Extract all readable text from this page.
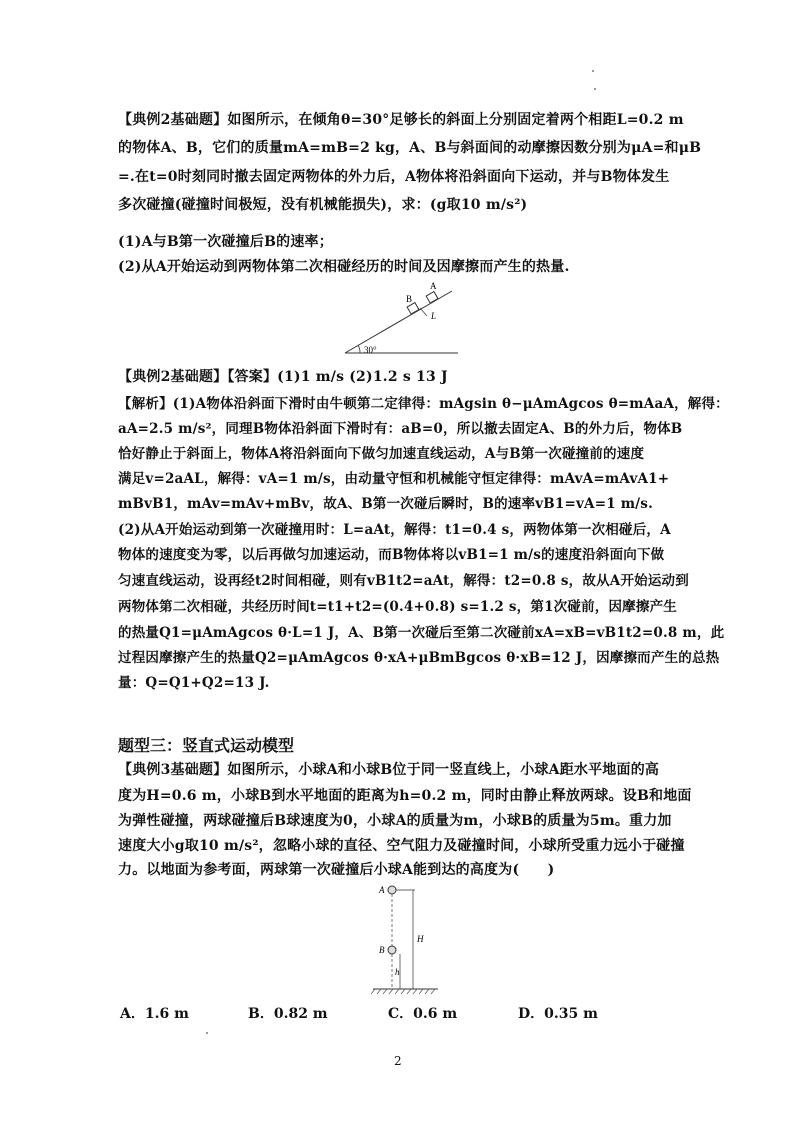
【典例2基础题】如图所示，在倾角θ=30°足够长的斜面上分别固定着两个相距L=0.2 m
的物体A、B，它们的质量mA=mB=2 kg，A、B与斜面间的动摩擦因数分别为μA=和μB
=.在t=0时刻同时撤去固定两物体的外力后，A物体将沿斜面向下运动，并与B物体发生
多次碰撞(碰撞时间极短，没有机械能损失)，求：(g取10 m/s²)
(1)A与B第一次碰撞后B的速率；
(2)从A开始运动到两物体第二次相碰经历的时间及因摩擦而产生的热量.
30°
B
A
L
【典例2基础题】【答案】(1)1 m/s (2)1.2 s 13 J
【解析】(1)A物体沿斜面下滑时由牛顿第二定律得：mAgsin θ−μAmAgcos θ=mAaA，解得：
aA=2.5 m/s²，同理B物体沿斜面下滑时有：aB=0，所以撤去固定A、B的外力后，物体B
恰好静止于斜面上，物体A将沿斜面向下做匀加速直线运动，A与B第一次碰撞前的速度
满足v=2aAL，解得：vA=1 m/s，由动量守恒和机械能守恒定律得：mAvA=mAvA1+
mBvB1，mAv=mAv+mBv，故A、B第一次碰后瞬时，B的速率vB1=vA=1 m/s.
(2)从A开始运动到第一次碰撞用时：L=aAt，解得：t1=0.4 s，两物体第一次相碰后，A
物体的速度变为零，以后再做匀加速运动，而B物体将以vB1=1 m/s的速度沿斜面向下做
匀速直线运动，设再经t2时间相碰，则有vB1t2=aAt，解得：t2=0.8 s，故从A开始运动到
两物体第二次相碰，共经历时间t=t1+t2=(0.4+0.8) s=1.2 s，第1次碰前，因摩擦产生
的热量Q1=μAmAgcos θ·L=1 J，A、B第一次碰后至第二次碰前xA=xB=vB1t2=0.8 m，此
过程因摩擦产生的热量Q2=μAmAgcos θ·xA+μBmBgcos θ·xB=12 J，因摩擦而产生的总热
量：Q=Q1+Q2=13 J.
题型三：竖直式运动模型
【典例3基础题】如图所示，小球A和小球B位于同一竖直线上，小球A距水平地面的高
度为H=0.6 m，小球B到水平地面的距离为h=0.2 m，同时由静止释放两球。设B和地面
为弹性碰撞，两球碰撞后B球速度为0，小球A的质量为m，小球B的质量为5m。重力加
速度大小g取10 m/s²，忽略小球的直径、空气阻力及碰撞时间，小球所受重力远小于碰撞
力。以地面为参考面，两球第一次碰撞后小球A能到达的高度为(　　)
A
B
H
h
A．1.6 m	B．0.82 m	C．0.6 m	D．0.35 m
2
